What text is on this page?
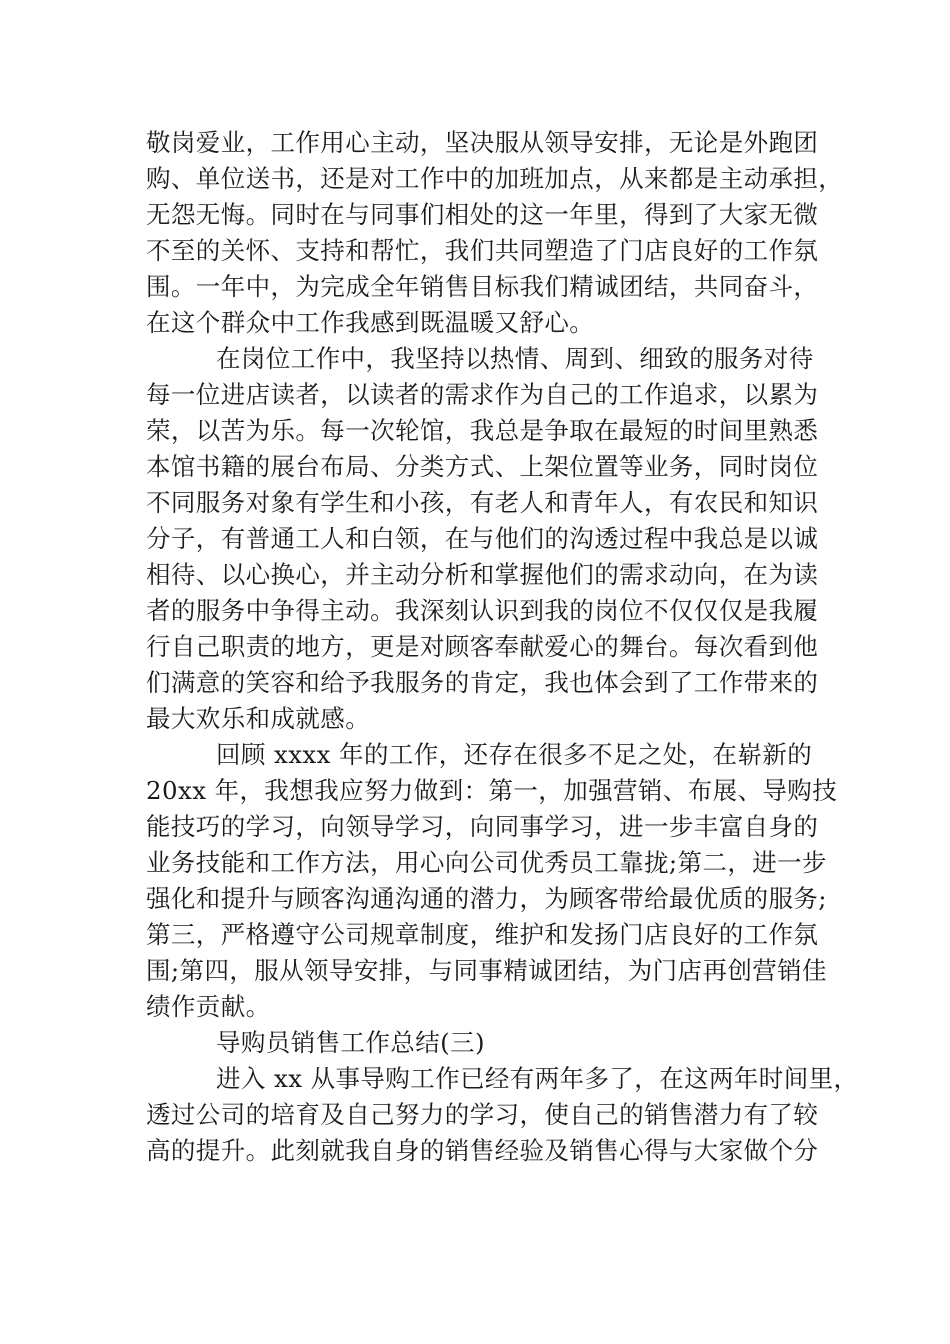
敬岗爱业，工作用心主动，坚决服从领导安排，无论是外跑团
购、单位送书，还是对工作中的加班加点，从来都是主动承担，
无怨无悔。同时在与同事们相处的这一年里，得到了大家无微
不至的关怀、支持和帮忙，我们共同塑造了门店良好的工作氛
围。一年中，为完成全年销售目标我们精诚团结，共同奋斗，
在这个群众中工作我感到既温暖又舒心。
在岗位工作中，我坚持以热情、周到、细致的服务对待
每一位进店读者，以读者的需求作为自己的工作追求，以累为
荣，以苦为乐。每一次轮馆，我总是争取在最短的时间里熟悉
本馆书籍的展台布局、分类方式、上架位置等业务，同时岗位
不同服务对象有学生和小孩，有老人和青年人，有农民和知识
分子，有普通工人和白领，在与他们的沟透过程中我总是以诚
相待、以心换心，并主动分析和掌握他们的需求动向，在为读
者的服务中争得主动。我深刻认识到我的岗位不仅仅仅是我履
行自己职责的地方，更是对顾客奉献爱心的舞台。每次看到他
们满意的笑容和给予我服务的肯定，我也体会到了工作带来的
最大欢乐和成就感。
回顾 xxxx 年的工作，还存在很多不足之处，在崭新的
20xx 年，我想我应努力做到：第一，加强营销、布展、导购技
能技巧的学习，向领导学习，向同事学习，进一步丰富自身的
业务技能和工作方法，用心向公司优秀员工靠拢;第二，进一步
强化和提升与顾客沟通沟通的潜力，为顾客带给最优质的服务;
第三，严格遵守公司规章制度，维护和发扬门店良好的工作氛
围;第四，服从领导安排，与同事精诚团结，为门店再创营销佳
绩作贡献。
导购员销售工作总结(三)
进入 xx 从事导购工作已经有两年多了，在这两年时间里，
透过公司的培育及自己努力的学习，使自己的销售潜力有了较
高的提升。此刻就我自身的销售经验及销售心得与大家做个分
